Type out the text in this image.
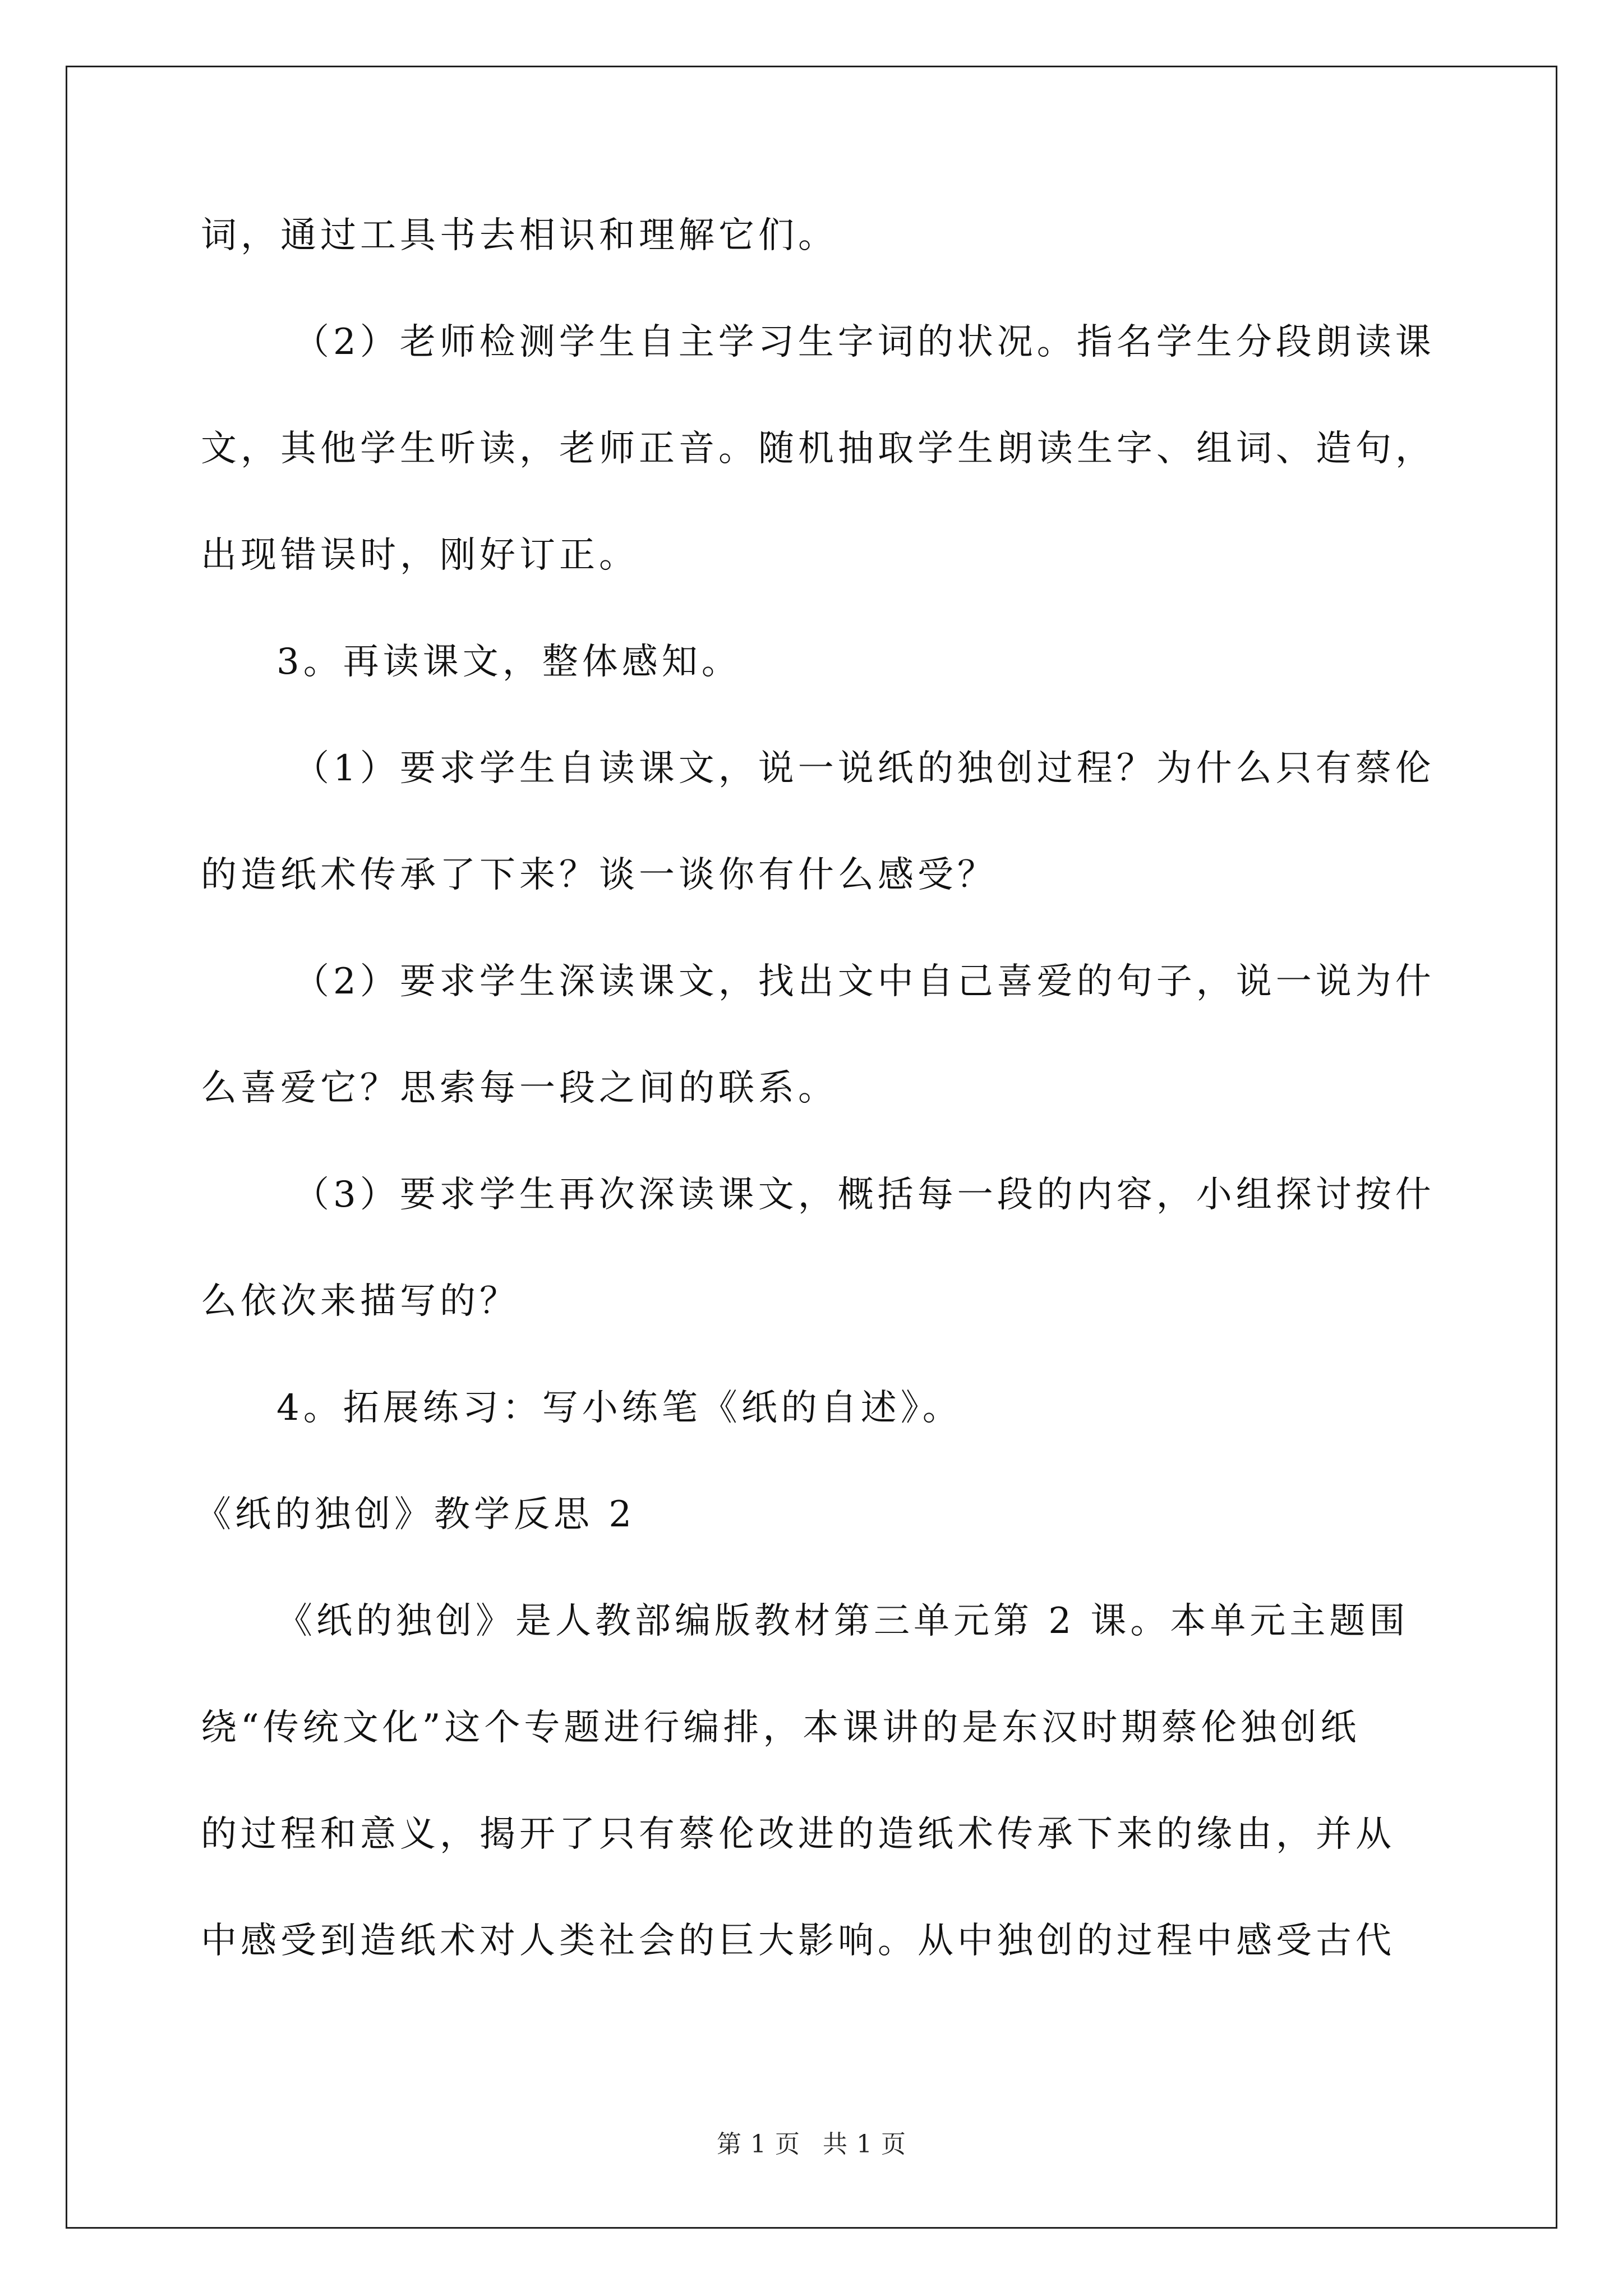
词，通过工具书去相识和理解它们。
（2）老师检测学生自主学习生字词的状况。指名学生分段朗读课
文，其他学生听读，老师正音。随机抽取学生朗读生字、组词、造句，
出现错误时，刚好订正。
3。再读课文，整体感知。
（1）要求学生自读课文，说一说纸的独创过程？为什么只有蔡伦
的造纸术传承了下来？谈一谈你有什么感受？
（2）要求学生深读课文，找出文中自己喜爱的句子，说一说为什
么喜爱它？思索每一段之间的联系。
（3）要求学生再次深读课文，概括每一段的内容，小组探讨按什
么依次来描写的？
4。拓展练习：写小练笔《纸的自述》。
《纸的独创》教学反思 2
《纸的独创》是人教部编版教材第三单元第 2 课。本单元主题围
绕“传统文化”这个专题进行编排，本课讲的是东汉时期蔡伦独创纸
的过程和意义，揭开了只有蔡伦改进的造纸术传承下来的缘由，并从
中感受到造纸术对人类社会的巨大影响。从中独创的过程中感受古代
第 1 页 共 1 页
